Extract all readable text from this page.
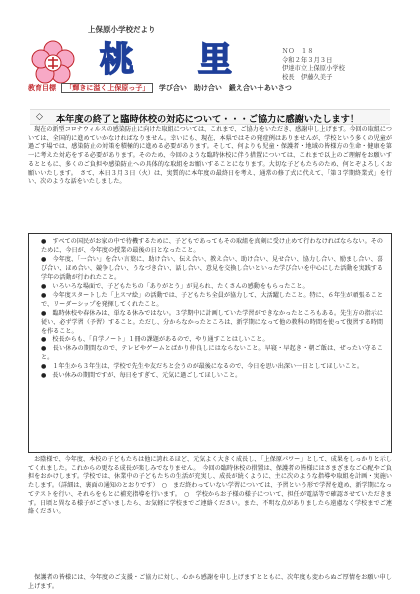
上保原小学校だより
桃 里	ＮＯ　１８
令和２年３月３日
伊達市立上保原小学校
校長　伊藤久美子
教育目標 「輝きに溢く上保原っ子」 学び合い　助け合い　鍛え合い＋あいさつ
◇ 本年度の終了と臨時休校の対応について・・・ご協力に感謝いたします！
　現在の新型コロナウィルスの感染防止に向けた取組については、これまで、ご協力をいただき、感謝申し上げます。今回の取組については、全国的に進めていかなければなりません。幸いにも、現在、本県ではその発症例はありませんが、学校という多くの児童が過ごす場では、感染防止の対策を積極的に進める必要があります。そして、何よりも児童・保護者・地域の皆様方の生命・健康を第一に考えた対応をする必要があります。そのため、今回のような臨時休校に伴う措置については、これまで以上のご理解をお願いするとともに、多くのご負担や感染防止への具体的な取組をお願いすることになります。大切な子どもたちのため、何とぞよろしくお願いいたします。　さて、本日３月３日（火）は、実質的に本年度の最終日を考え、通常の修了式に代えて、「第３学期終業式」を行い、次のような話をいたしました。

●　すべての国民がお家の中で待機するために、子どもであってもその取組を真剣に受け止めて行わなければならない。そのために、今日が、今年度の授業の最後の日となったこと。

●　今年度、「一合い」を合い言葉に、助け合い、伝え合い、教え合い、助け合い、見せ合い、協力し合い、励まし合い、喜び合い、ほめ合い、競争し合い、うなづき合い、話し合い、意見を交換し合いといった学び合いを中心にした活動を実践する学年の活動が行われたこと。

●　いろいろな場面で、子どもたちの「ありがとう」が見られ、たくさんの感動をもらったこと。

●　今年度スタートした「上スマ絵」の活動では、子どもたち全員が協力して、大活躍したこと。特に、６年生が頑張ることで、リーダーシップを発揮してくれたこと。

●　臨時休校や春休みは、単なる休みではない。３学期中に計画していた学習ができなかったところもある。先生方の指示に従い、必ず学習（予習）すること。ただし、分からなかったところは、新学期になって他の教科の時間を使って復習する時間を作ること。

●　校長からも、「自学ノート」１冊の課題があるので、やり通すことはしいこと。

●　長い休みの期間なので、テレビやゲームとばかり仲良しにはならないこと。早寝・早起き・朝ご飯は、ぜったい守ること。

●　１年生から３年生は、学校で先生や友だちと会うのが最後になるので、今日を思い出深い一日としてほしいこと。

●　長い休みの期間ですが、毎日をすぎて、元気に過ごしてほしいこと。

　お陰様で、今年度、本校の子どもたちは他に誇れるほど、元気よく大きく成長し、「上保原パワー」として、成果をしっかりと示してくれました。これからの更なる成長が楽しみでなりません。　今回の臨時休校の措置は、保護者の皆様にはさまざまなご心配やご負担をおかけします。学校では、休業中の子どもたちの生活が充実し、成長が続くように、主に次のような指導や取組を計画・実施いたします。（詳細は、裏面の通知のとおりです）　○　まだ終わっていない学習については、予習という形で学習を進め、新学期になってテストを行い、それらをもとに補充指導を行います。　○　学校からお子様の様子について、担任が電話等で確認させていただきます。日頃と異なる様子がございましたら、お気軽に学校までご連絡ください。また、不明な点がありましたら遠慮なく学校までご連絡ください。
　保護者の皆様には、今年度のご支援・ご協力に対し、心から感謝を申し上げますとともに、次年度も変わらぬご厚情をお願い申し上げます。
